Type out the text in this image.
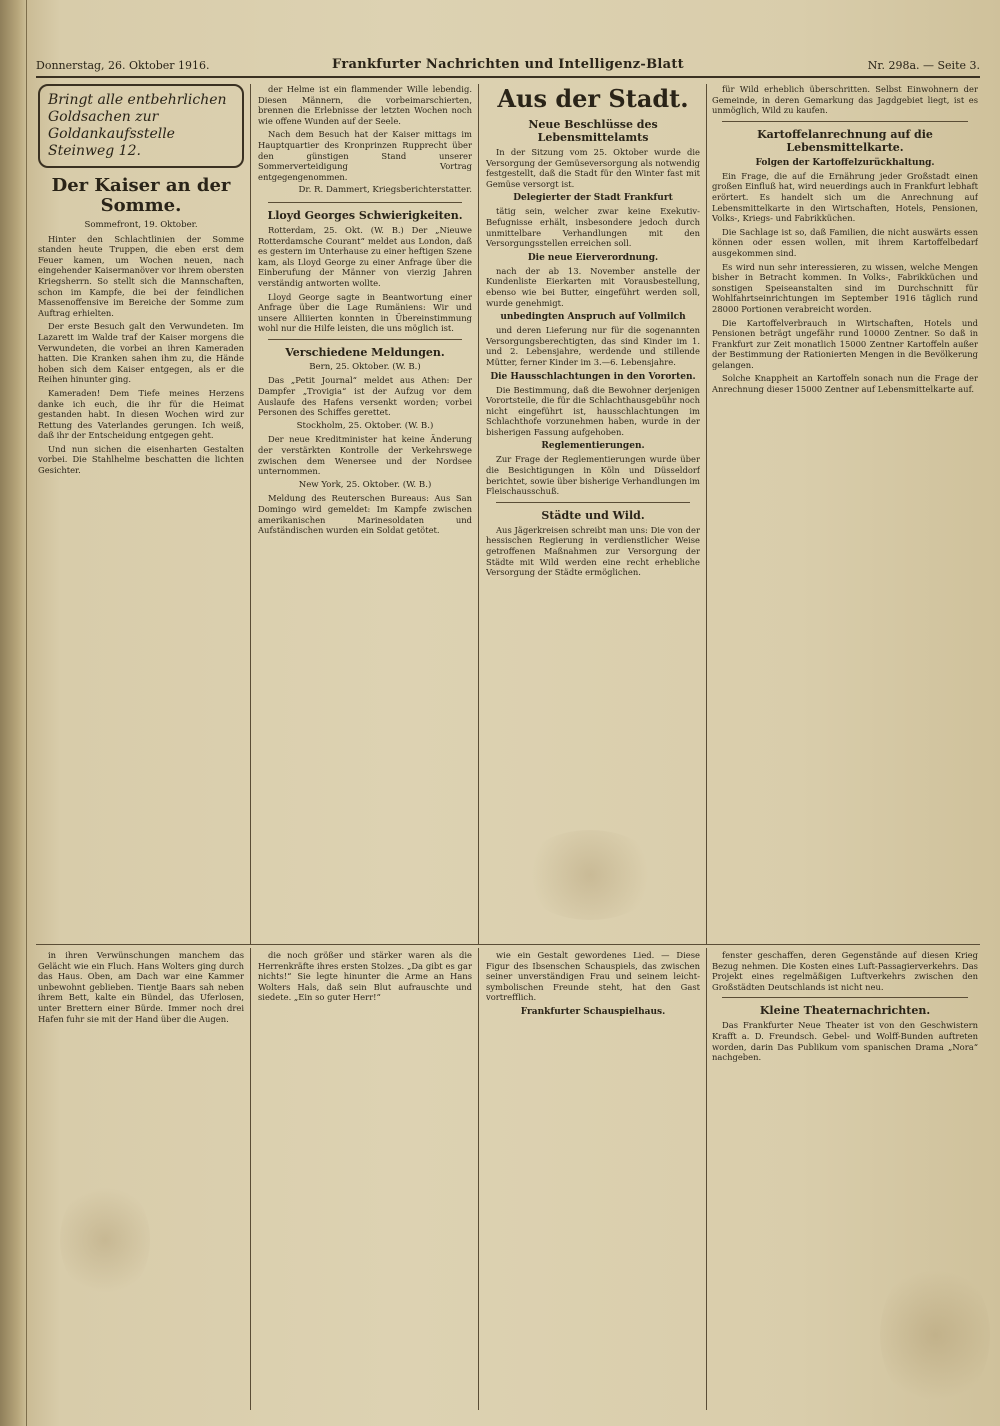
Donnerstag, 26. Oktober 1916.	Frankfurter Nachrichten und Intelligenz-Blatt	Nr. 298a. — Seite 3.
Bringt alle entbehrlichen Goldsachen zur Goldankaufsstelle Steinweg 12.
Der Kaiser an der Somme.
Sommefront, 19. Oktober.

Hinter den Schlachtlinien der Somme standen heute Truppen, die eben erst dem Feuer kamen, um Wochen neuen, nach eingehender Kaisermanöver vor ihrem obersten Kriegsherrn. So stellt sich die Mannschaften, schon im Kampfe, die bei der feindlichen Massenoffensive im Bereiche der Somme zum Auftrag erhielten.

Der erste Besuch galt den Verwundeten. Im Lazarett im Walde traf der Kaiser morgens die Verwundeten, die vorbei an ihren Kameraden hatten. Die Kranken sahen ihm zu, die Hände hoben sich dem Kaiser entgegen, als er die Reihen hinunter ging.

Kameraden! Dem Tiefe meines Herzens danke ich euch, die ihr für die Heimat gestanden habt. In diesen Wochen wird zur Rettung des Vaterlandes gerungen. Ich weiß, daß ihr der Entscheidung entgegen geht.

Und nun sichen die eisenharten Gestalten vorbei. Die Stahlhelme beschatten die lichten Gesichter.

der Helme ist ein flammender Wille lebendig. Diesen Männern, die vorbeimarschierten, brennen die Erlebnisse der letzten Wochen noch wie offene Wunden auf der Seele.

Nach dem Besuch hat der Kaiser mittags im Hauptquartier des Kronprinzen Rupprecht über den günstigen Stand unserer Sommerverteidigung Vortrag entgegengenommen.

Dr. R. Dammert, Kriegsberichterstatter.
Lloyd Georges Schwierigkeiten.

Rotterdam, 25. Okt. (W. B.) Der „Nieuwe Rotterdamsche Courant“ meldet aus London, daß es gestern im Unterhause zu einer heftigen Szene kam, als Lloyd George zu einer Anfrage über die Einberufung der Männer von vierzig Jahren verständig antworten wollte.

Lloyd George sagte in Beantwortung einer Anfrage über die Lage Rumäniens: Wir und unsere Alliierten konnten in Übereinstimmung wohl nur die Hilfe leisten, die uns möglich ist.

Verschiedene Meldungen.
Bern, 25. Oktober. (W. B.)

Das „Petit Journal“ meldet aus Athen: Der Dampfer „Trovigia“ ist der Aufzug vor dem Auslaufe des Hafens versenkt worden; vorbei Personen des Schiffes gerettet.

Stockholm, 25. Oktober. (W. B.)

Der neue Kreditminister hat keine Änderung der verstärkten Kontrolle der Verkehrswege zwischen dem Wenersee und der Nordsee unternommen.

New York, 25. Oktober. (W. B.)

Meldung des Reuterschen Bureaus: Aus San Domingo wird gemeldet: Im Kampfe zwischen amerikanischen Marinesoldaten und Aufständischen wurden ein Soldat getötet.

Aus der Stadt.
Neue Beschlüsse des Lebensmittelamts

In der Sitzung vom 25. Oktober wurde die Versorgung der Gemüseversorgung als notwendig festgestellt, daß die Stadt für den Winter fast mit Gemüse versorgt ist.

Delegierter der Stadt Frankfurt

tätig sein, welcher zwar keine Exekutiv-Befugnisse erhält, insbesondere jedoch durch unmittelbare Verhandlungen mit den Versorgungsstellen erreichen soll.

Die neue Eierverordnung.

nach der ab 13. November anstelle der Kundenliste Eierkarten mit Vorausbestellung, ebenso wie bei Butter, eingeführt werden soll, wurde genehmigt.

unbedingten Anspruch auf Vollmilch

und deren Lieferung nur für die sogenannten Versorgungsberechtigten, das sind Kinder im 1. und 2. Lebensjahre, werdende und stillende Mütter, ferner Kinder im 3.—6. Lebensjahre.

Die Hausschlachtungen in den Vororten.

Die Bestimmung, daß die Bewohner derjenigen Vorortsteile, die für die Schlachthausgebühr noch nicht eingeführt ist, hausschlachtungen im Schlachthofe vorzunehmen haben, wurde in der bisherigen Fassung aufgehoben.

Reglementierungen.

Zur Frage der Reglementierungen wurde über die Besichtigungen in Köln und Düsseldorf berichtet, sowie über bisherige Verhandlungen im Fleischausschuß.

Städte und Wild.

Aus Jägerkreisen schreibt man uns: Die von der hessischen Regierung in verdienstlicher Weise getroffenen Maßnahmen zur Versorgung der Städte mit Wild werden eine recht erhebliche Versorgung der Städte ermöglichen.

für Wild erheblich überschritten. Selbst Einwohnern der Gemeinde, in deren Gemarkung das Jagdgebiet liegt, ist es unmöglich, Wild zu kaufen.

Kartoffelanrechnung auf die Lebensmittelkarte.
Folgen der Kartoffelzurückhaltung.

Ein Frage, die auf die Ernährung jeder Großstadt einen großen Einfluß hat, wird neuerdings auch in Frankfurt lebhaft erörtert. Es handelt sich um die Anrechnung auf Lebensmittelkarte in den Wirtschaften, Hotels, Pensionen, Volks-, Kriegs- und Fabrikküchen.

Die Sachlage ist so, daß Familien, die nicht auswärts essen können oder essen wollen, mit ihrem Kartoffelbedarf ausgekommen sind.

Es wird nun sehr interessieren, zu wissen, welche Mengen bisher in Betracht kommen. In Volks-, Fabrikküchen und sonstigen Speiseanstalten sind im Durchschnitt für Wohlfahrtseinrichtungen im September 1916 täglich rund 28000 Portionen verabreicht worden.

Die Kartoffelverbrauch in Wirtschaften, Hotels und Pensionen beträgt ungefähr rund 10000 Zentner. So daß in Frankfurt zur Zeit monatlich 15000 Zentner Kartoffeln außer der Bestimmung der Rationierten Mengen in die Bevölkerung gelangen.

Solche Knappheit an Kartoffeln sonach nun die Frage der Anrechnung dieser 15000 Zentner auf Lebensmittelkarte auf.

in ihren Verwünschungen manchem das Gelächt wie ein Fluch. Hans Wolters ging durch das Haus. Oben, am Dach war eine Kammer unbewohnt geblieben. Tientje Baars sah neben ihrem Bett, kalte ein Bündel, das Uferlosen, unter Brettern einer Bürde. Immer noch drei Hafen fuhr sie mit der Hand über die Augen.

die noch größer und stärker waren als die Herrenkräfte ihres ersten Stolzes. „Da gibt es gar nichts!“ Sie legte hinunter die Arme an Hans Wolters Hals, daß sein Blut aufrauschte und siedete. „Ein so guter Herr!“

wie ein Gestalt gewordenes Lied. — Diese Figur des Ibsenschen Schauspiels, das zwischen seiner unverständigen Frau und seinem leicht-symbolischen Freunde steht, hat den Gast vortrefflich.

Frankfurter Schauspielhaus.

fenster geschaffen, deren Gegenstände auf diesen Krieg Bezug nehmen. Die Kosten eines Luft-Passagierverkehrs. Das Projekt eines regelmäßigen Luftverkehrs zwischen den Großstädten Deutschlands ist nicht neu.

Kleine Theaternachrichten.

Das Frankfurter Neue Theater ist von den Geschwistern Krafft a. D. Freundsch. Gebel- und Wolff-Bunden auftreten worden, darin Das Publikum vom spanischen Drama „Nora“ nachgeben.
